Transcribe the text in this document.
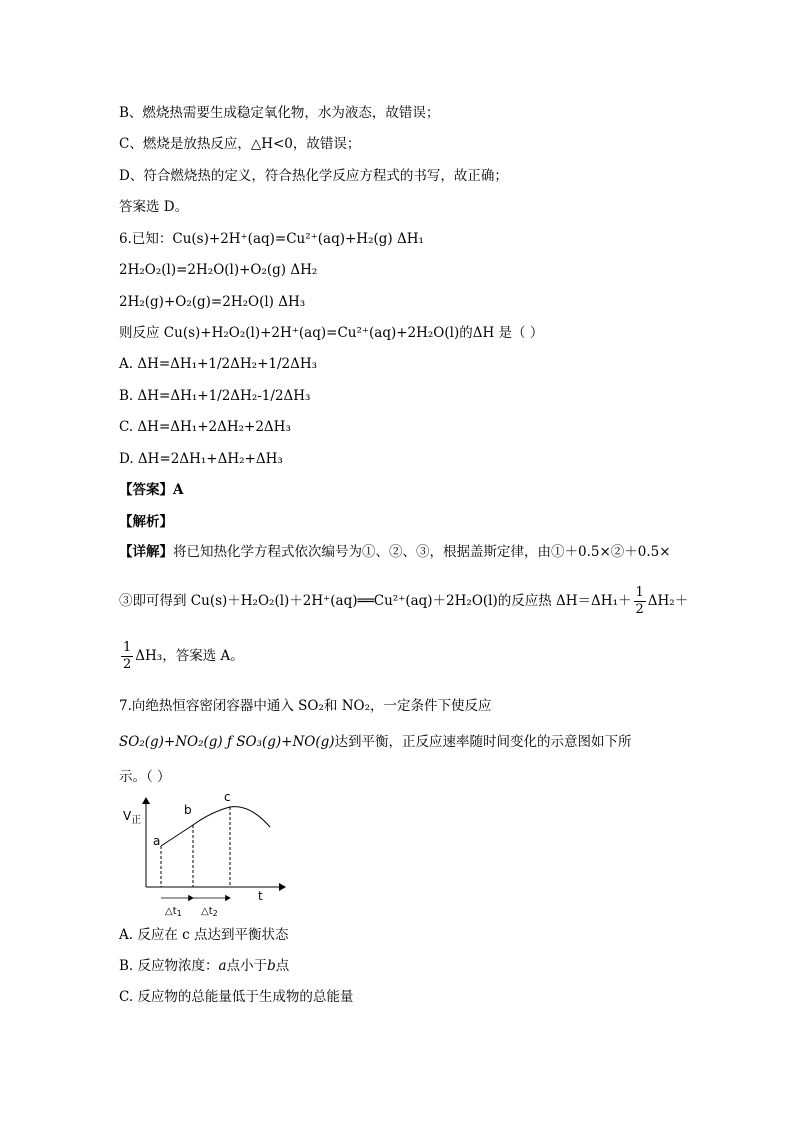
B、燃烧热需要生成稳定氧化物，水为液态，故错误；
C、燃烧是放热反应，△H<0，故错误；
D、符合燃烧热的定义，符合热化学反应方程式的书写，故正确；
答案选 D。
6.已知：Cu(s)+2H⁺(aq)=Cu²⁺(aq)+H₂(g) ΔH₁
2H₂O₂(l)=2H₂O(l)+O₂(g) ΔH₂
2H₂(g)+O₂(g)=2H₂O(l) ΔH₃
则反应 Cu(s)+H₂O₂(l)+2H⁺(aq)=Cu²⁺(aq)+2H₂O(l)的ΔH 是（ ）
A. ΔH=ΔH₁+1/2ΔH₂+1/2ΔH₃
B. ΔH=ΔH₁+1/2ΔH₂-1/2ΔH₃
C. ΔH=ΔH₁+2ΔH₂+2ΔH₃
D. ΔH=2ΔH₁+ΔH₂+ΔH₃
【答案】A
【解析】
【详解】将已知热化学方程式依次编号为①、②、③，根据盖斯定律，由①＋0.5×②＋0.5×
③即可得到 Cu(s)＋H₂O₂(l)＋2H⁺(aq)══Cu²⁺(aq)＋2H₂O(l)的反应热 $\Delta H=\Delta H_1+ \frac{1}{2} \Delta H_2+$
$\frac{1}{2} \Delta H_3$，答案选 A。
7.向绝热恒容密闭容器中通入 SO₂和 NO₂，一定条件下使反应
SO₂(g)+NO₂(g) ƒ SO₃(g)+NO(g)达到平衡，正反应速率随时间变化的示意图如下所
示。（ ）
$V_正$
t
a
b
c
$\triangle t_1$ $\triangle t_2$
A. 反应在 c 点达到平衡状态
B. 反应物浓度：a点小于b点
C. 反应物的总能量低于生成物的总能量
